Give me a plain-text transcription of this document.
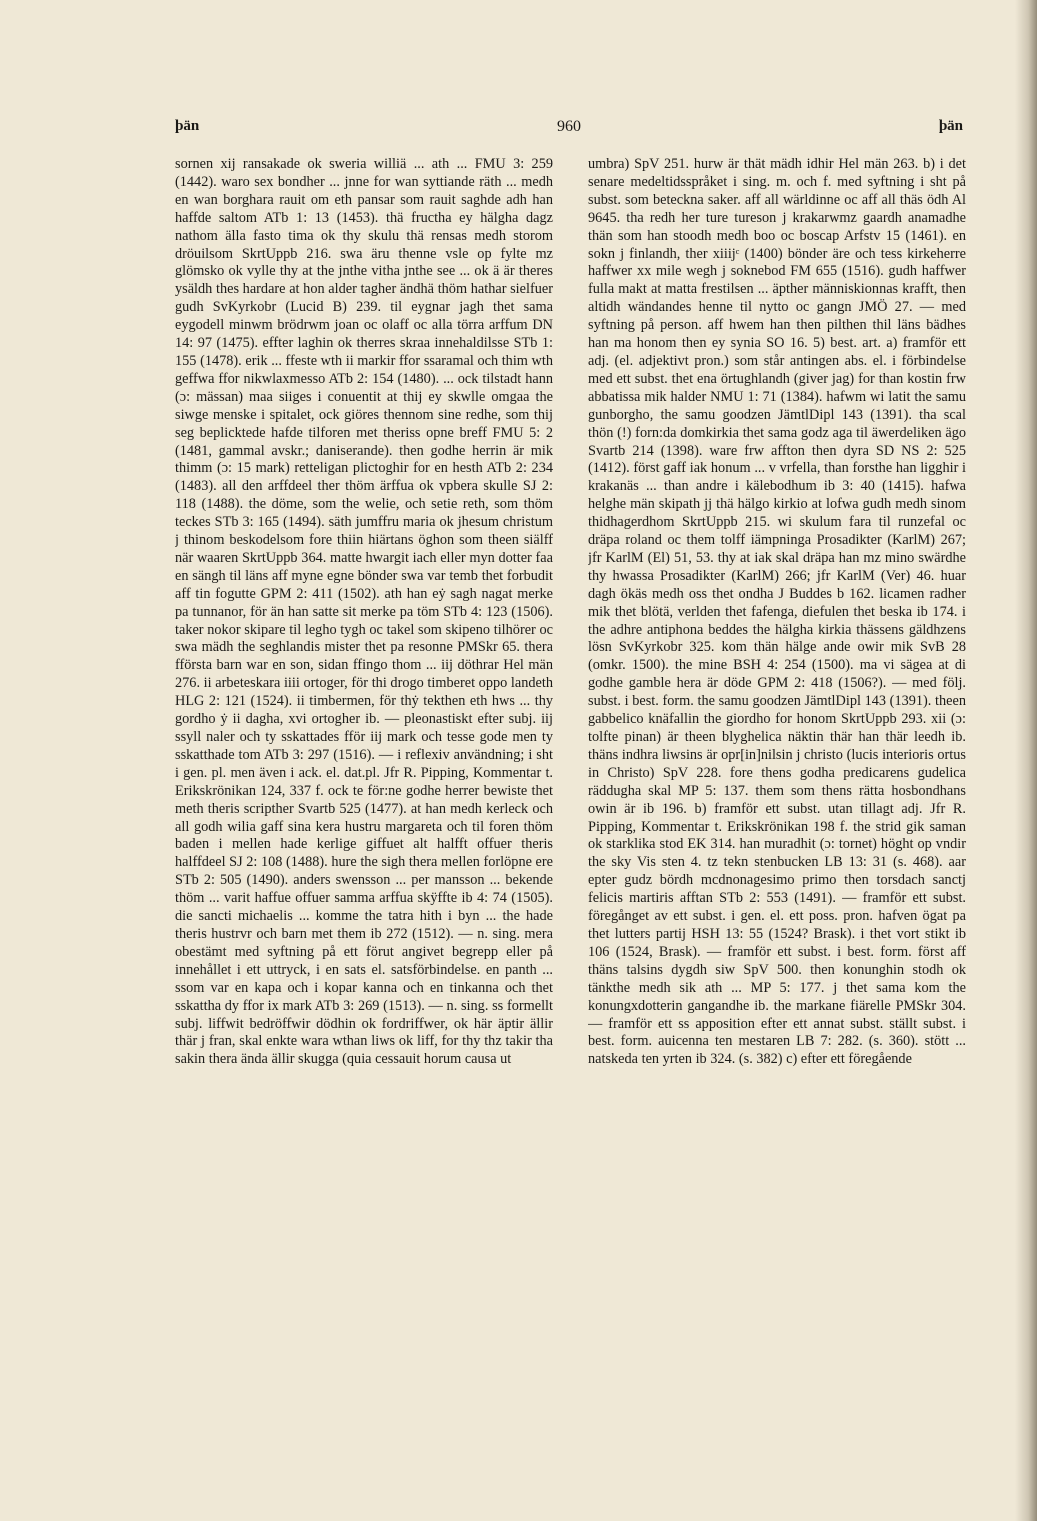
þän	960	þän

sornen xij ransakade ok sweria williä ... ath ... FMU 3: 259 (1442). waro sex bondher ... jnne for wan syttiande räth ... medh en wan borghara rauit om eth pansar som rauit saghde adh han haffde saltom ATb 1: 13 (1453). thä fructha ey hälgha dagz nathom älla fasto tima ok thy skulu thä rensas medh storom dröuilsom SkrtUppb 216. swa äru thenne vsle op fylte mz glömsko ok vylle thy at the jnthe vitha jnthe see ... ok ä är theres ysäldh thes hardare at hon alder tagher ändhä thöm hathar sielfuer gudh SvKyrkobr (Lucid B) 239. til eygnar jagh thet sama eygodell minwm brödrwm joan oc olaff oc alla törra arffum DN 14: 97 (1475). effter laghin ok therres skraa innehaldilsse STb 1: 155 (1478). erik ... ffeste wth ii markir ffor ssaramal och thim wth geffwa ffor nikwlaxmesso ATb 2: 154 (1480). ... ock tilstadt hann (ɔ: mässan) maa siiges i conuentit at thij ey skwlle omgaa the siwge menske i spitalet, ock giöres thennom sine redhe, som thij seg beplicktede hafde tilforen met theriss opne breff FMU 5: 2 (1481, gammal avskr.; daniserande). then godhe herrin är mik thimm (ɔ: 15 mark) retteligan plictoghir for en hesth ATb 2: 234 (1483). all den arffdeel ther thöm ärffua ok vpbera skulle SJ 2: 118 (1488). the döme, som the welie, och setie reth, som thöm teckes STb 3: 165 (1494). säth jumffru maria ok jhesum christum j thinom beskodelsom fore thiin hiärtans öghon som theen siälff när waaren SkrtUppb 364. matte hwargit iach eller myn dotter faa en sängh til läns aff myne egne bönder swa var temb thet forbudit aff tin fogutte GPM 2: 411 (1502). ath han eẏ sagh nagat merke pa tunnanor, för än han satte sit merke pa töm STb 4: 123 (1506). taker nokor skipare til legho tygh oc takel som skipeno tilhörer oc swa mädh the seghlandis mister thet pa resonne PMSkr 65. thera fförsta barn war en son, sidan ffingo thom ... iij döthrar Hel män 276. ii arbeteskara iiii ortoger, för thi drogo timberet oppo landeth HLG 2: 121 (1524). ii timbermen, för thẏ tekthen eth hws ... thy gordho ẏ ii dagha, xvi ortogher ib. — pleonastiskt efter subj. iij ssyll naler och ty sskattades fför iij mark och tesse gode men ty sskatthade tom ATb 3: 297 (1516). — i reflexiv användning; i sht i gen. pl. men även i ack. el. dat.pl. Jfr R. Pipping, Kommentar t. Erikskrönikan 124, 337 f. ock te för:ne godhe herrer bewiste thet meth theris scripther Svartb 525 (1477). at han medh kerleck och all godh wilia gaff sina kera hustru margareta och til foren thöm baden i mellen hade kerlige giffuet alt halfft offuer theris halffdeel SJ 2: 108 (1488). hure the sigh thera mellen forlöpne ere STb 2: 505 (1490). anders swensson ... per mansson ... bekende thöm ... varit haffue offuer samma arffua skÿffte ib 4: 74 (1505). die sancti michaelis ... komme the tatra hith i byn ... the hade theris hustrvr och barn met them ib 272 (1512). — n. sing. mera obestämt med syftning på ett förut angivet begrepp eller på innehållet i ett uttryck, i en sats el. satsförbindelse. en panth ... ssom var en kapa och i kopar kanna och en tinkanna och thet sskattha dy ffor ix mark ATb 3: 269 (1513). — n. sing. ss formellt subj. liffwit bedröffwir dödhin ok fordriffwer, ok här äptir ällir thär j fran, skal enkte wara wthan liws ok liff, for thy thz takir tha sakin thera ända ällir skugga (quia cessauit horum causa ut

umbra) SpV 251. hurw är thät mädh idhir Hel män 263. b) i det senare medeltidsspråket i sing. m. och f. med syftning i sht på subst. som beteckna saker. aff all wärldinne oc aff all thäs ödh Al 9645. tha redh her ture tureson j krakarwmz gaardh anamadhe thän som han stoodh medh boo oc boscap Arfstv 15 (1461). en sokn j finlandh, ther xiiijᶜ (1400) bönder äre och tess kirkeherre haffwer xx mile wegh j soknebod FM 655 (1516). gudh haffwer fulla makt at matta frestilsen ... äpther människionnas krafft, then altidh wändandes henne til nytto oc gangn JMÖ 27. — med syftning på person. aff hwem han then pilthen thil läns bädhes han ma honom then ey synia SO 16. 5) best. art. a) framför ett adj. (el. adjektivt pron.) som står antingen abs. el. i förbindelse med ett subst. thet ena örtughlandh (giver jag) for than kostin frw abbatissa mik halder NMU 1: 71 (1384). hafwm wi latit the samu gunborgho, the samu goodzen JämtlDipl 143 (1391). tha scal thön (!) forn:da domkirkia thet sama godz aga til äwerdeliken ägo Svartb 214 (1398). ware frw affton then dyra SD NS 2: 525 (1412). först gaff iak honum ... v vrfella, than forsthe han ligghir i krakanäs ... than andre i kälebodhum ib 3: 40 (1415). hafwa helghe män skipath jj thä hälgo kirkio at lofwa gudh medh sinom thidhagerdhom SkrtUppb 215. wi skulum fara til runzefal oc dräpa roland oc them tolff iämpninga Prosadikter (KarlM) 267; jfr KarlM (El) 51, 53. thy at iak skal dräpa han mz mino swärdhe thy hwassa Prosadikter (KarlM) 266; jfr KarlM (Ver) 46. huar dagh ökäs medh oss thet ondha J Buddes b 162. licamen radher mik thet blötä, verlden thet fafenga, diefulen thet beska ib 174. i the adhre antiphona beddes the hälgha kirkia thässens gäldhzens lösn SvKyrkobr 325. kom thän hälge ande owir mik SvB 28 (omkr. 1500). the mine BSH 4: 254 (1500). ma vi sägea at di godhe gamble hera är döde GPM 2: 418 (1506?). — med följ. subst. i best. form. the samu goodzen JämtlDipl 143 (1391). theen gabbelico knäfallin the giordho for honom SkrtUppb 293. xii (ɔ: tolfte pinan) är theen blyghelica näktin thär han thär leedh ib. thäns indhra liwsins är opr[in]nilsin j christo (lucis interioris ortus in Christo) SpV 228. fore thens godha predicarens gudelica räddugha skal MP 5: 137. them som thens rätta hosbondhans owin är ib 196. b) framför ett subst. utan tillagt adj. Jfr R. Pipping, Kommentar t. Erikskrönikan 198 f. the strid gik saman ok starklika stod EK 314. han muradhit (ɔ: tornet) höght op vndir the sky Vis sten 4. tz tekn stenbucken LB 13: 31 (s. 468). aar epter gudz bördh mcdnonagesimo primo then torsdach sanctj felicis martiris afftan STb 2: 553 (1491). — framför ett subst. föregånget av ett subst. i gen. el. ett poss. pron. hafven ögat pa thet lutters partij HSH 13: 55 (1524? Brask). i thet vort stikt ib 106 (1524, Brask). — framför ett subst. i best. form. först aff thäns talsins dygdh siw SpV 500. then konunghin stodh ok tänkthe medh sik ath ... MP 5: 177. j thet sama kom the konungxdotterin gangandhe ib. the markane fiärelle PMSkr 304. — framför ett ss apposition efter ett annat subst. ställt subst. i best. form. auicenna ten mestaren LB 7: 282. (s. 360). stött ... natskeda ten yrten ib 324. (s. 382) c) efter ett föregående
